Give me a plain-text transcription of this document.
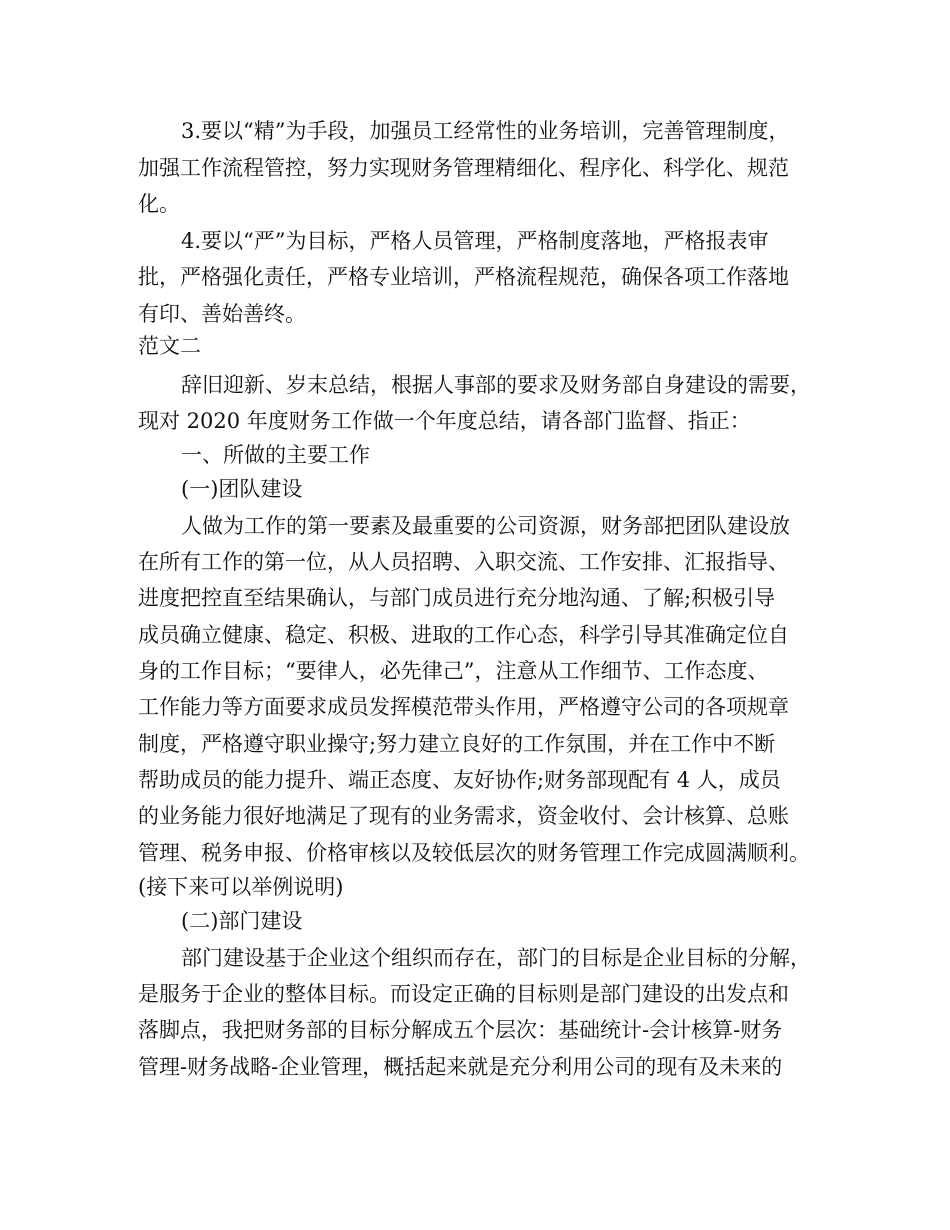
3.要以“精”为手段，加强员工经常性的业务培训，完善管理制度，
加强工作流程管控，努力实现财务管理精细化、程序化、科学化、规范
化。
4.要以“严”为目标，严格人员管理，严格制度落地，严格报表审
批，严格强化责任，严格专业培训，严格流程规范，确保各项工作落地
有印、善始善终。
范文二
辞旧迎新、岁末总结，根据人事部的要求及财务部自身建设的需要，
现对 2020 年度财务工作做一个年度总结，请各部门监督、指正：
一、所做的主要工作
(一)团队建设
人做为工作的第一要素及最重要的公司资源，财务部把团队建设放
在所有工作的第一位，从人员招聘、入职交流、工作安排、汇报指导、
进度把控直至结果确认，与部门成员进行充分地沟通、了解;积极引导
成员确立健康、稳定、积极、进取的工作心态，科学引导其准确定位自
身的工作目标；“要律人，必先律己”，注意从工作细节、工作态度、
工作能力等方面要求成员发挥模范带头作用，严格遵守公司的各项规章
制度，严格遵守职业操守;努力建立良好的工作氛围，并在工作中不断
帮助成员的能力提升、端正态度、友好协作;财务部现配有 4 人，成员
的业务能力很好地满足了现有的业务需求，资金收付、会计核算、总账
管理、税务申报、价格审核以及较低层次的财务管理工作完成圆满顺利。
(接下来可以举例说明)
(二)部门建设
部门建设基于企业这个组织而存在，部门的目标是企业目标的分解，
是服务于企业的整体目标。而设定正确的目标则是部门建设的出发点和
落脚点，我把财务部的目标分解成五个层次：基础统计-会计核算-财务
管理-财务战略-企业管理，概括起来就是充分利用公司的现有及未来的
